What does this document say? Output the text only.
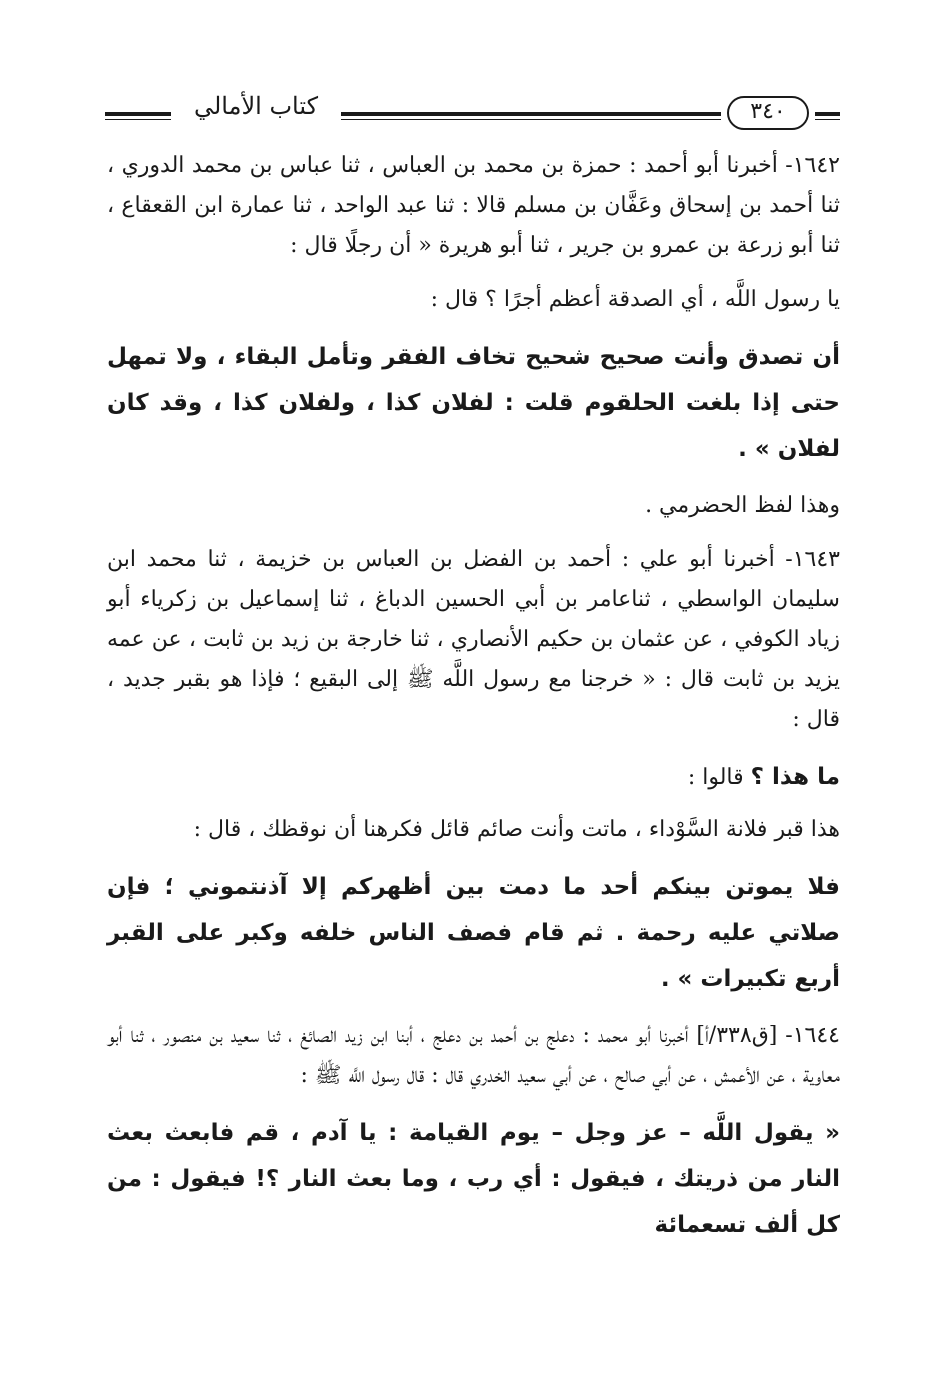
كتاب الأمالي	٣٤٠

١٦٤٢- أخبرنا أبو أحمد : حمزة بن محمد بن العباس ، ثنا عباس بن محمد الدوري ، ثنا أحمد بن إسحاق وعَفَّان بن مسلم قالا : ثنا عبد الواحد ، ثنا عمارة ابن القعقاع ، ثنا أبو زرعة بن عمرو بن جرير ، ثنا أبو هريرة « أن رجلًا قال :

يا رسول اللَّه ، أي الصدقة أعظم أجرًا ؟ قال :

أن تصدق وأنت صحيح شحيح تخاف الفقر وتأمل البقاء ، ولا تمهل حتى إذا بلغت الحلقوم قلت : لفلان كذا ، ولفلان كذا ، وقد كان لفلان » .

وهذا لفظ الحضرمي .

١٦٤٣- أخبرنا أبو علي : أحمد بن الفضل بن العباس بن خزيمة ، ثنا محمد ابن سليمان الواسطي ، ثناعامر بن أبي الحسين الدباغ ، ثنا إسماعيل بن زكرياء أبو زياد الكوفي ، عن عثمان بن حكيم الأنصاري ، ثنا خارجة بن زيد بن ثابت ، عن عمه يزيد بن ثابت قال : « خرجنا مع رسول اللَّه ﷺ إلى البقيع ؛ فإذا هو بقبر جديد ، قال :

ما هذا ؟ قالوا :

هذا قبر فلانة السَّوْداء ، ماتت وأنت صائم قائل فكرهنا أن نوقظك ، قال :

فلا يموتن بينكم أحد ما دمت بين أظهركم إلا آذنتموني ؛ فإن صلاتي عليه رحمة . ثم قام فصف الناس خلفه وكبر على القبر أربع تكبيرات » .

١٦٤٤- [ق٣٣٨/أ] أخبرنا أبو محمد : دعلج بن أحمد بن دعلج ، أبنا ابن زيد الصائغ ، ثنا سعيد بن منصور ، ثنا أبو معاوية ، عن الأعمش ، عن أبي صالح ، عن أبي سعيد الخدري قال : قال رسول اللَّه ﷺ :

« يقول اللَّه – عز وجل – يوم القيامة : يا آدم ، قم فابعث بعث النار من ذريتك ، فيقول : أي رب ، وما بعث النار ؟! فيقول : من كل ألف تسعمائة
